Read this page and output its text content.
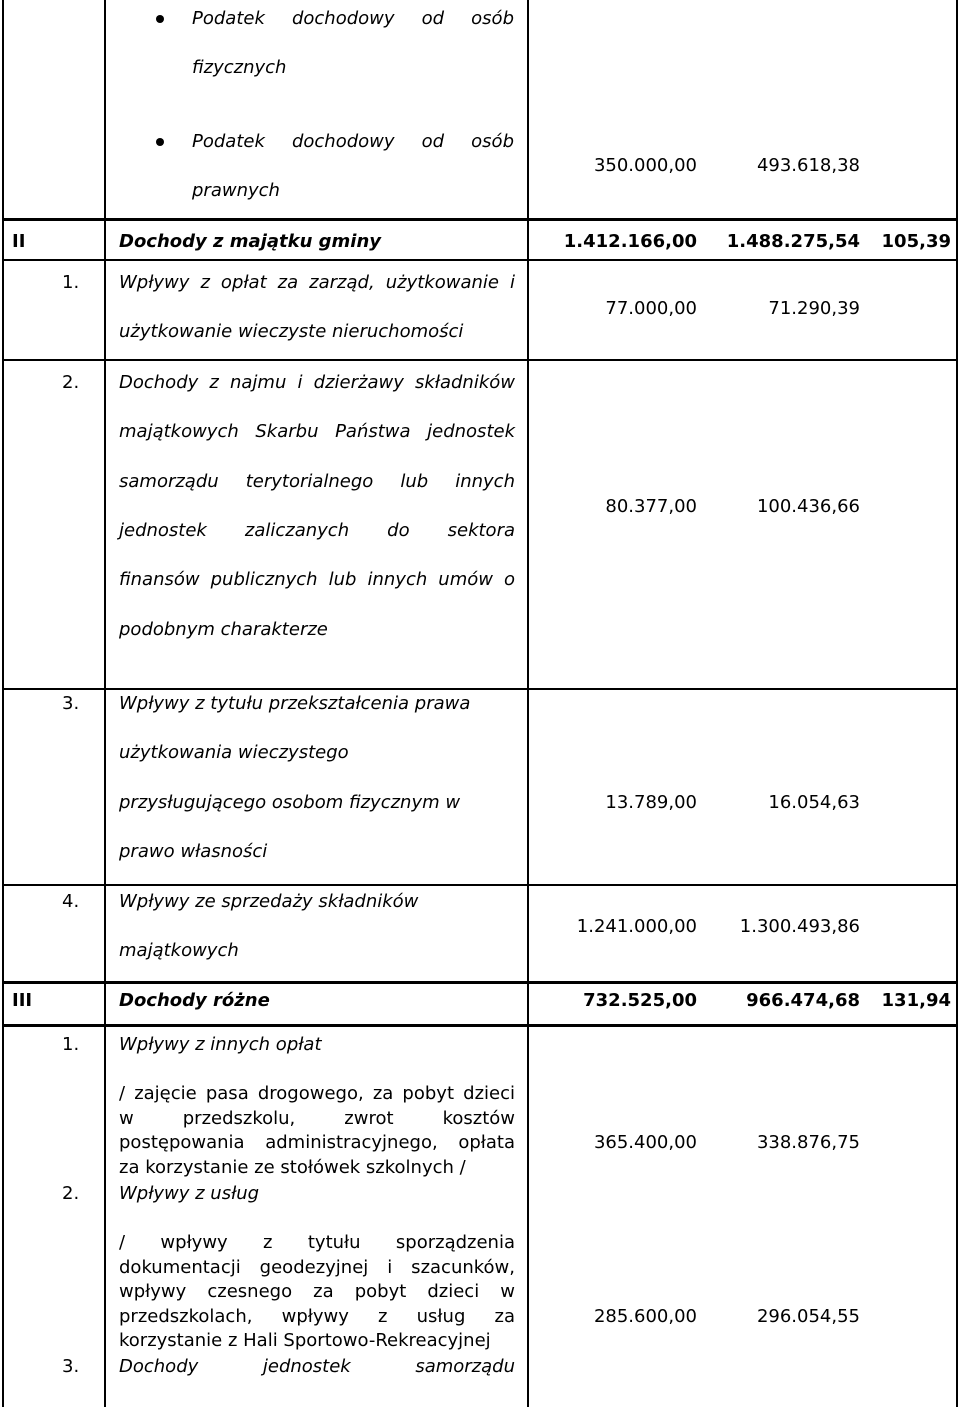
Podatek dochodowy od osób
fizycznych
Podatek dochodowy od osób
prawnych
350.000,00	493.618,38
II	Dochody z majątku gminy	1.412.166,00	1.488.275,54	105,39
1. Wpływy z opłat za zarząd, użytkowanie i
użytkowanie wieczyste nieruchomości
77.000,00	71.290,39
2. Dochody z najmu i dzierżawy składników
majątkowych Skarbu Państwa jednostek
samorządu terytorialnego lub innych
jednostek zaliczanych do sektora
finansów publicznych lub innych umów o
podobnym charakterze
80.377,00	100.436,66
3. Wpływy z tytułu przekształcenia prawa
użytkowania wieczystego
przysługującego osobom fizycznym w
prawo własności
13.789,00	16.054,63
4. Wpływy ze sprzedaży składników
majątkowych
1.241.000,00	1.300.493,86
III	Dochody różne	732.525,00	966.474,68	131,94
1. Wpływy z innych opłat
/ zajęcie pasa drogowego, za pobyt dzieci
w przedszkolu, zwrot kosztów
postępowania administracyjnego, opłata
za korzystanie ze stołówek szkolnych /
365.400,00	338.876,75
2. Wpływy z usług
/ wpływy z tytułu sporządzenia
dokumentacji geodezyjnej i szacunków,
wpływy czesnego za pobyt dzieci w
przedszkolach, wpływy z usług za
korzystanie z Hali Sportowo-Rekreacyjnej
285.600,00	296.054,55
3. Dochody jednostek samorządu
